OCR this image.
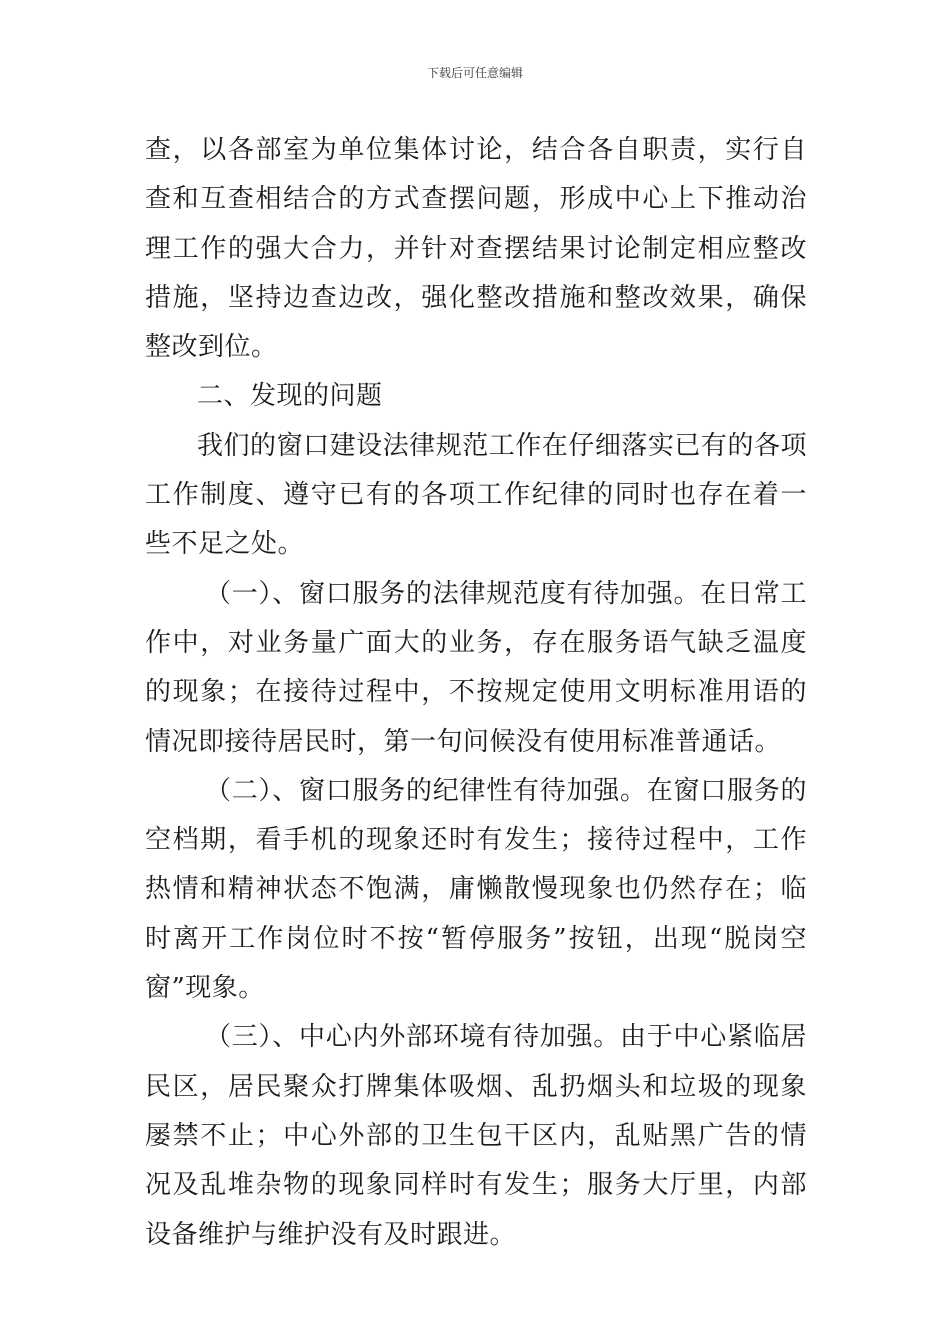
下载后可任意编辑

查，以各部室为单位集体讨论，结合各自职责，实行自查和互查相结合的方式查摆问题，形成中心上下推动治理工作的强大合力，并针对查摆结果讨论制定相应整改措施，坚持边查边改，强化整改措施和整改效果，确保整改到位。

二、发现的问题

我们的窗口建设法律规范工作在仔细落实已有的各项工作制度、遵守已有的各项工作纪律的同时也存在着一些不足之处。

（一）、窗口服务的法律规范度有待加强。在日常工作中，对业务量广面大的业务，存在服务语气缺乏温度的现象；在接待过程中，不按规定使用文明标准用语的情况即接待居民时，第一句问候没有使用标准普通话。

（二）、窗口服务的纪律性有待加强。在窗口服务的空档期，看手机的现象还时有发生；接待过程中，工作热情和精神状态不饱满，庸懒散慢现象也仍然存在；临时离开工作岗位时不按“暂停服务”按钮，出现“脱岗空窗”现象。

（三）、中心内外部环境有待加强。由于中心紧临居民区，居民聚众打牌集体吸烟、乱扔烟头和垃圾的现象屡禁不止；中心外部的卫生包干区内，乱贴黑广告的情况及乱堆杂物的现象同样时有发生；服务大厅里，内部设备维护与维护没有及时跟进。
